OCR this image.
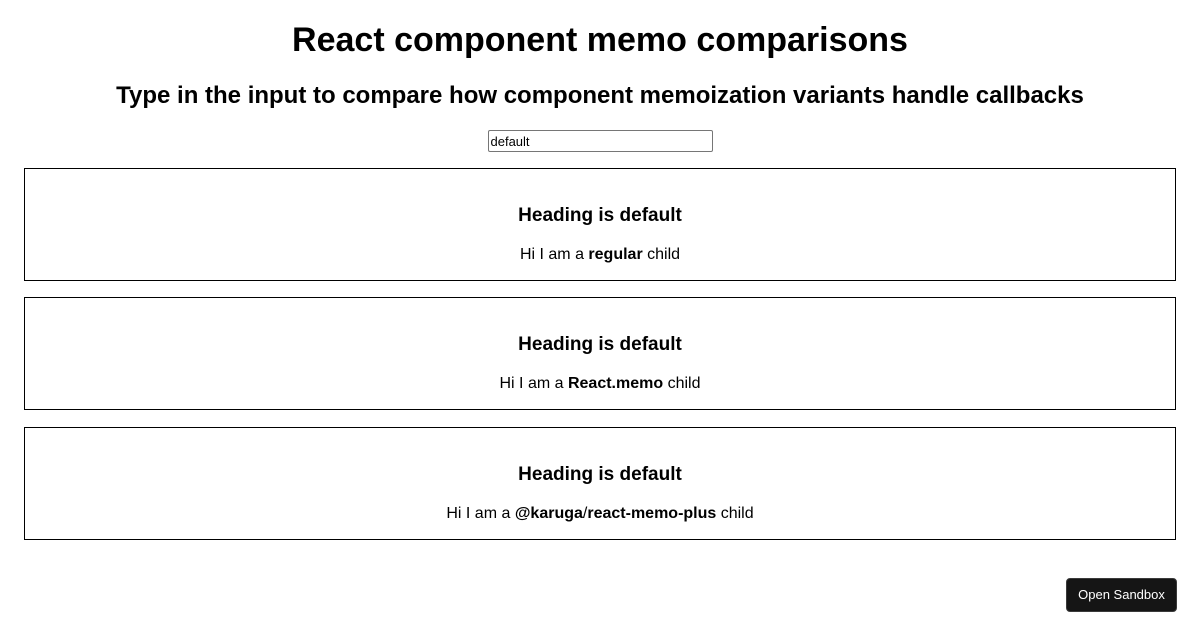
React component memo comparisons
Type in the input to compare how component memoization variants handle callbacks
default
Heading is default

Hi I am a regular child

Heading is default

Hi I am a React.memo child

Heading is default

Hi I am a @karuga/react-memo-plus child

Open Sandbox
